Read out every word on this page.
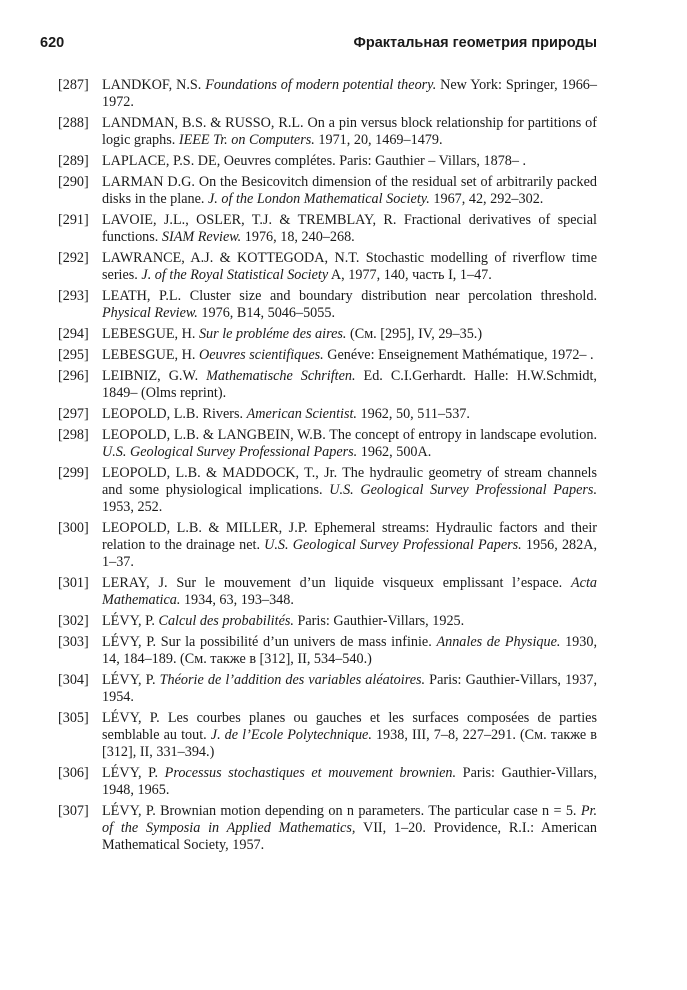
620	Фрактальная геометрия природы
[287] LANDKOF, N.S. Foundations of modern potential theory. New York: Springer, 1966–1972.
[288] LANDMAN, B.S. & RUSSO, R.L. On a pin versus block relationship for partitions of logic graphs. IEEE Tr. on Computers. 1971, 20, 1469–1479.
[289] LAPLACE, P.S. DE, Oeuvres complétes. Paris: Gauthier – Villars, 1878– .
[290] LARMAN D.G. On the Besicovitch dimension of the residual set of arbitrarily packed disks in the plane. J. of the London Mathematical Society. 1967, 42, 292–302.
[291] LAVOIE, J.L., OSLER, T.J. & TREMBLAY, R. Fractional derivatives of special functions. SIAM Review. 1976, 18, 240–268.
[292] LAWRANCE, A.J. & KOTTEGODA, N.T. Stochastic modelling of riverflow time series. J. of the Royal Statistical Society A, 1977, 140, часть I, 1–47.
[293] LEATH, P.L. Cluster size and boundary distribution near percolation threshold. Physical Review. 1976, B14, 5046–5055.
[294] LEBESGUE, H. Sur le probléme des aires. (См. [295], IV, 29–35.)
[295] LEBESGUE, H. Oeuvres scientifiques. Genéve: Enseignement Mathématique, 1972– .
[296] LEIBNIZ, G.W. Mathematische Schriften. Ed. C.I.Gerhardt. Halle: H.W.Schmidt, 1849– (Olms reprint).
[297] LEOPOLD, L.B. Rivers. American Scientist. 1962, 50, 511–537.
[298] LEOPOLD, L.B. & LANGBEIN, W.B. The concept of entropy in landscape evolution. U.S. Geological Survey Professional Papers. 1962, 500A.
[299] LEOPOLD, L.B. & MADDOCK, T., Jr. The hydraulic geometry of stream channels and some physiological implications. U.S. Geological Survey Professional Papers. 1953, 252.
[300] LEOPOLD, L.B. & MILLER, J.P. Ephemeral streams: Hydraulic factors and their relation to the drainage net. U.S. Geological Survey Professional Papers. 1956, 282A, 1–37.
[301] LERAY, J. Sur le mouvement d’un liquide visqueux emplissant l’espace. Acta Mathematica. 1934, 63, 193–348.
[302] LÉVY, P. Calcul des probabilités. Paris: Gauthier-Villars, 1925.
[303] LÉVY, P. Sur la possibilité d’un univers de mass infinie. Annales de Physique. 1930, 14, 184–189. (См. также в [312], II, 534–540.)
[304] LÉVY, P. Théorie de l’addition des variables aléatoires. Paris: Gauthier-Villars, 1937, 1954.
[305] LÉVY, P. Les courbes planes ou gauches et les surfaces composées de parties semblable au tout. J. de l’Ecole Polytechnique. 1938, III, 7–8, 227–291. (См. также в [312], II, 331–394.)
[306] LÉVY, P. Processus stochastiques et mouvement brownien. Paris: Gauthier-Villars, 1948, 1965.
[307] LÉVY, P. Brownian motion depending on n parameters. The particular case n = 5. Pr. of the Symposia in Applied Mathematics, VII, 1–20. Providence, R.I.: American Mathematical Society, 1957.
